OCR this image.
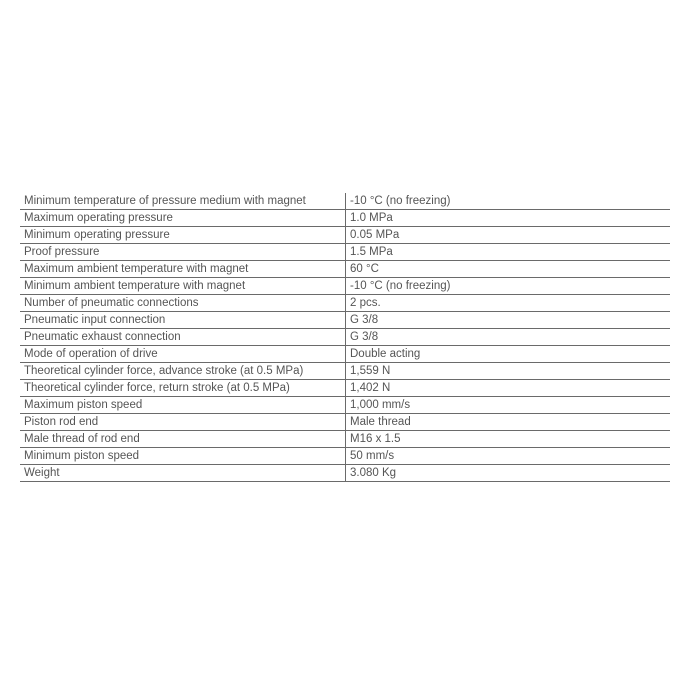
Minimum temperature of pressure medium with magnet	-10 °C (no freezing)
Maximum operating pressure	1.0 MPa
Minimum operating pressure	0.05 MPa
Proof pressure	1.5 MPa
Maximum ambient temperature with magnet	60 °C
Minimum ambient temperature with magnet	-10 °C (no freezing)
Number of pneumatic connections	2 pcs.
Pneumatic input connection	G 3/8
Pneumatic exhaust connection	G 3/8
Mode of operation of drive	Double acting
Theoretical cylinder force, advance stroke (at 0.5 MPa)	1,559 N
Theoretical cylinder force, return stroke (at 0.5 MPa)	1,402 N
Maximum piston speed	1,000 mm/s
Piston rod end	Male thread
Male thread of rod end	M16 x 1.5
Minimum piston speed	50 mm/s
Weight	3.080 Kg
